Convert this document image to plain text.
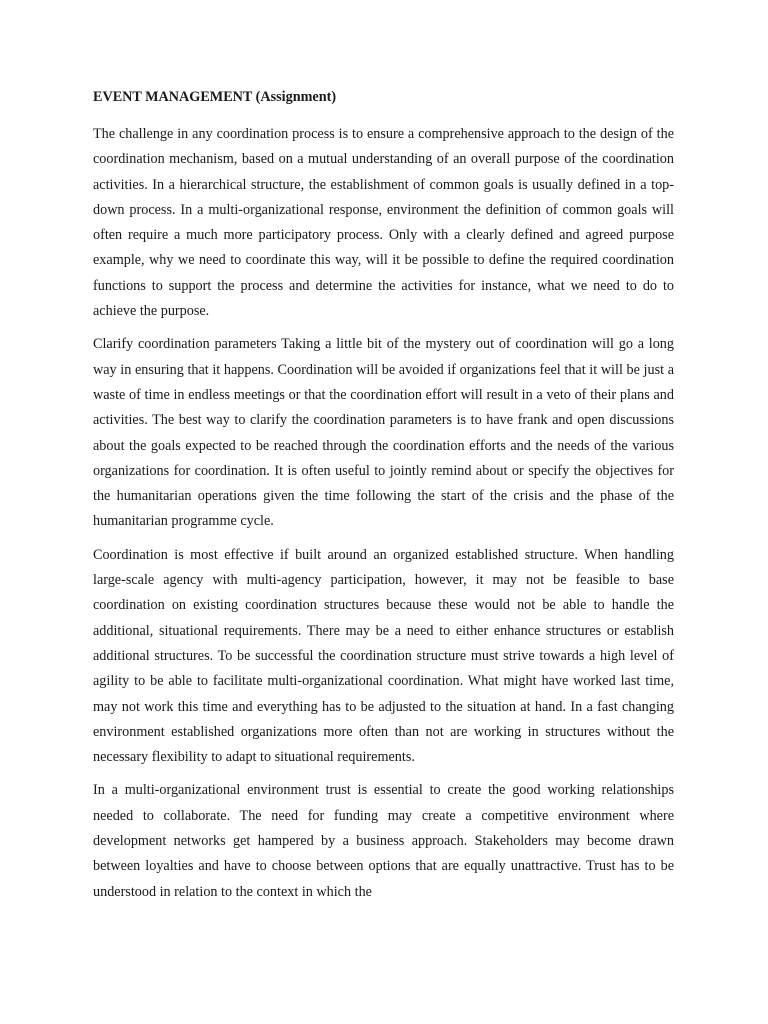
EVENT MANAGEMENT (Assignment)

The challenge in any coordination process is to ensure a comprehensive approach to the design of the coordination mechanism, based on a mutual understanding of an overall purpose of the coordination activities. In a hierarchical structure, the establishment of common goals is usually defined in a top-down process. In a multi-organizational response, environment the definition of common goals will often require a much more participatory process. Only with a clearly defined and agreed purpose example, why we need to coordinate this way, will it be possible to define the required coordination functions to support the process and determine the activities for instance, what we need to do to achieve the purpose.

Clarify coordination parameters Taking a little bit of the mystery out of coordination will go a long way in ensuring that it happens. Coordination will be avoided if organizations feel that it will be just a waste of time in endless meetings or that the coordination effort will result in a veto of their plans and activities. The best way to clarify the coordination parameters is to have frank and open discussions about the goals expected to be reached through the coordination efforts and the needs of the various organizations for coordination. It is often useful to jointly remind about or specify the objectives for the humanitarian operations given the time following the start of the crisis and the phase of the humanitarian programme cycle.

Coordination is most effective if built around an organized established structure. When handling large-scale agency with multi-agency participation, however, it may not be feasible to base coordination on existing coordination structures because these would not be able to handle the additional, situational requirements. There may be a need to either enhance structures or establish additional structures. To be successful the coordination structure must strive towards a high level of agility to be able to facilitate multi-organizational coordination. What might have worked last time, may not work this time and everything has to be adjusted to the situation at hand. In a fast changing environment established organizations more often than not are working in structures without the necessary flexibility to adapt to situational requirements.

In a multi-organizational environment trust is essential to create the good working relationships needed to collaborate. The need for funding may create a competitive environment where development networks get hampered by a business approach. Stakeholders may become drawn between loyalties and have to choose between options that are equally unattractive. Trust has to be understood in relation to the context in which the
